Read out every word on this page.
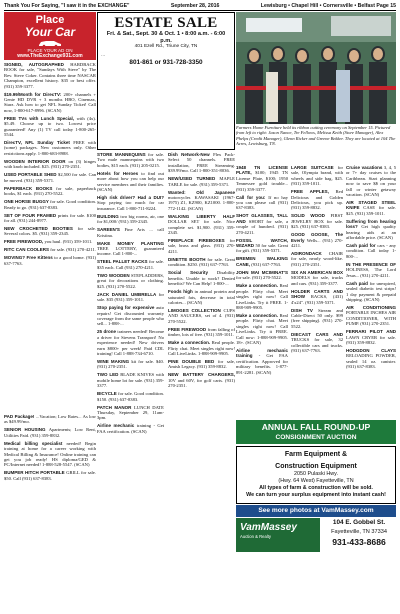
Thank You For Saying, "I saw it in the EXCHANGE"	September 28, 2016	Lewisburg • Chapel Hill • Cornersville • Belfast Page 15
Place
Your Car
PLACE YOUR AD ON
www.TheExchange931.com

SIGNED, AUTOGRAPHED HARDBACK BOOK for sale, "Sundays With Steve" by The Rev. Steve Coker. Contains three time NASCAR Champion, excellent history. $35 or best offer. (931) 359-3377.

$19.99/Month for DirecTV: 200+ channels + Genie HD DVR + 3 months HBO, Cinemax, Starz. Ask how to get NFL Sunday Ticket! Call now, 1-800-617-8996. (SCAN)

FREE TVs with Lunch Special, with (4x). $5.49. Choose up to two. Lowest price guaranteed! Any (1) TV call today 1-800-265-5544.

DirecTV, NFL Sunday Ticket FREE with (some) packages. New customers only. Other restrictions apply. 1-800-683-8988.

WOODEN INTERIOR DOOR on (3) hinges with knob included. $25. (931) 270-2351.

USED PORTABLE SHED $2,500 for sale. Can be moved. (931) 359-5371.

PAPERBACK BOOKS for sale, paperback books, $1 each. (931) 270-5522.

ONE HORSE BUGGY for sale. Good condition. Ready to go. (931) 637-8383.

SET OF FOUR FRAMED prints for sale. $100 for all. (931) 244-8977.

NEW CROCHETED BOOTIES for sale. Several colors. $5. (931) 359-2345.

FREE FIREWOOD, you haul. (931) 359-1011.

RITC CAN COOLERS for sale. (931) 270-4211.

MOVING? Free Kittens to a good home. (931) 637-7763.

PAD Package! ...Vacation; Low Rates... As low as $49.99/mo.

SENIOR HOUSING Apartments; Low Rent, Utilities Paid. (931) 359-8832.

Medical billing specialist needed! Begin training at home for a career working with Medical Billing & Insurance! Online training can get you job ready! HS diploma/GED & PC/Internet needed! 1-888-528-5547. (SCAN)

BUMPER HITCH PORTABLE GRILL for sale. $50. Call (931) 637-8383.

ESTATE SALE
Fri. & Sat., Sept. 30 & Oct. 1 • 8:00 a.m. - 6:00 p.m.
401 Ezell Rd., Triune City, TN
…
801-861 or 931-728-3350

STORE MANNEQUINS for sale. Two male mannequins with two bodies, $15 each. (931) 205-0215.

Hotels for Heroes to find out more about how you can help our service members and their families. (SCAN)

High risk driver? Had a DUI? Stop paying too much for car insurance. Call 1-800-711-8224.

BUILDING two big rooms, air, one for $1,000/ (931) 359-2345.

SAREEN'S Fine Arts ... call Kristina.

MAKE MONEY PLANTING TREE LOTTERY, guaranteed income. Call 1-800-...

STEEL PALLET RACKS for sale. $35 each. Call (931) 270-4211.

TWO WOODEN STEPLADDERS, great for decorations or clothing. $25. (931) 270-5522.

JACK DANIEL UMBRELLA for sale. $35 (931) 359-1011.

Stop paying for expensive auto repairs! Get discounted warranty coverage from the same people who sell... 1-888-...

25 drone trainees needed! Become a driver for Stevens Transport! No experience needed! New drivers earn $800+ per week! Paid CDL training! Call 1-888-734-6710.

WINE MAKING kit for sale. $40. (931) 270-2351.

TWO LED BLADE KNIVES with mobile home lot for sale. (931) 359-3377.

BICYCLE for sale. Good condition. $150. (931) 637-8383.

PATCH MANOR LUNCH DATE Thursday, September 29, 11am-3pm.

Airline mechanic training - Get FAA certification. (SCAN)

Dish Network-New Flex Pack-Select 50 channels. FREE installation, FREE Streaming. $39.99/mo. Call 1-800-351-8036.

NEW/USED TURNED MAPLE TABLE for sale. (931) 359-5371.

Wanted: Old Japanese motorcycles KAWASAKI (1967-1975) Z1, KZ900, KZ1000. 1-800-772-1142. (SCAN)

WALKING LIBERTY HALF DOLLAR SET for sale. Nice complete set. $1,900. (931) 359-2345.

FIREPLACE FIREBOXES for sale, brass and glass. (931) 270-4211.

DINETTE BOOTH for sale. Great condition. $250. (931) 637-7763.

Social Security Disability benefits. Unable to work? Denied benefits? We Can Help! 1-800-...

Foods high in animal protein and saturated fats, decrease in total calories... (SCAN)

LIMOGES COLLECTION CUPS AND SAUCERS, set of 4. (931) 270-5522.

FREE FIREWOOD from falling of timber, lots of free. (931) 359-1011.

Make a connection. Real people. Flirty chat. Meet singles right now! Call LiveLinks. 1-888-909-9905.

PINE DOUBLE BED for sale, Amish Legacy. (931) 359-8832.

NEW BATTERY CHARGERS, 10V and 60V, for golf carts. (931) 270-2351.

Farmers Home Furniture held its ribbon cutting ceremony on September 15. Pictured from left to right: Jason Nance, Tre Fellows, Melissa Keith (Store Manager), Alex Phelps (Credit Manager), Glenn Ricker and Greene Bekker. They are located at 104 The Acres, Lewisburg, TN.

1948 TN LICENSE PLATE, $100; 1945 TN License Plate, $100; 1950 Tennessee gold trouble... (931) 359-3377.

Call for you: If no hay you can please call (931) 637-8383.

SHOT GLASSES, TALL AND SHORT for sale, a couple of hundred. (931) 270-4211.

FOSSIL WATCH, WIZARD 50 for sale. Great for gift. (931) 359-5371.

BREMEN WALKING CANE, (931) 637-7763.

JOHN MAI MCIMINAT'S for sale. (931) 270-5522.

Make a connection. Real people. Flirty chat. Meet singles right now! Call LiveLinks. Try it FREE. 1-888-909-9905.

Make a connection. Real people. Flirty chat. Meet singles right now! Call LiveLinks. Try it FREE. Call now: 1-888-909-9905. 18+. (SCAN)

Airline mechanic training - Get FAA certification. Approved for military benefits. 1-877-891-2281. (SCAN)

LARGE SUITCASE for sale, Olympia brand, with wheels and side bag, $25. (931) 359-1011.

FREE APPLES, Red Delicious and Golden Delicious, you pick up. (931) 359-8832.

SOLID WOOD FIRST JEWELRY BOX for sale. $25. (931) 637-8383.

GOOD GOOSE, The Everly Wells... (931) 270-4211.

ADIRONDACK CHAIR for sale, nearly wood-like. (931) 270-2351.

SIX AN AMERICAN BOX MODELS for sale, trucks and cars. (931) 359-3377.

HOLDER CARTS AND SHOW RACKS, (431) 4'x24". (931) 359-5371.

DISH TV Stream and Cable-Direct 50 only. $99 (free shipping). (931) 270-5522.

DIECAST CARS AND TRUCKS for sale, 32 collectible cars and trucks. (931) 637-7763.

Cruise vacations 3, 4, 5 or 7+ day cruises to the Caribbean. Start planning now to save $$ on your fall or winter getaway vacation. (SCAN)

AIR STAGED STEEL KNIFE CASE for sale. $25. (931) 359-1011.

Suffering from hearing loss? Get high quality hearing aids at an affordable price. (SCAN)

Cash paid for cars - any condition. Call today 1-800-...

IN THE PRESENCE OF HOLINESS, The Lord Jesus... (931) 270-4211.

Cash paid for unexpired, sealed diabetic test strips! 1 day payment & prepaid shipping. (SCAN)

AIR CONDITIONING PORTABLE INCHES AIR CONDITIONER, WITH PUMP. (931) 270-2351.

FERRARI PILOT AND LAWN CRYER for sale. (931) 359-8832.

HODGDON CLAYS RELOADING POWDER, sealed 14 oz. canister. (931) 637-8383.

ANNUAL FALL ROUND-UP
CONSIGNMENT AUCTION
Farm Equipment &
Construction Equipment
2050 Pulaski Hwy.
(Hwy. 64 West) Fayetteville, TN
All types of farm & construction will be sold.
We can turn your surplus equipment into instant cash!
See more photos at VamMassey.com
VamMassey
Auction & Realty
104 E. Gobbel St.
Fayetteville, TN 37334
931-433-8686
